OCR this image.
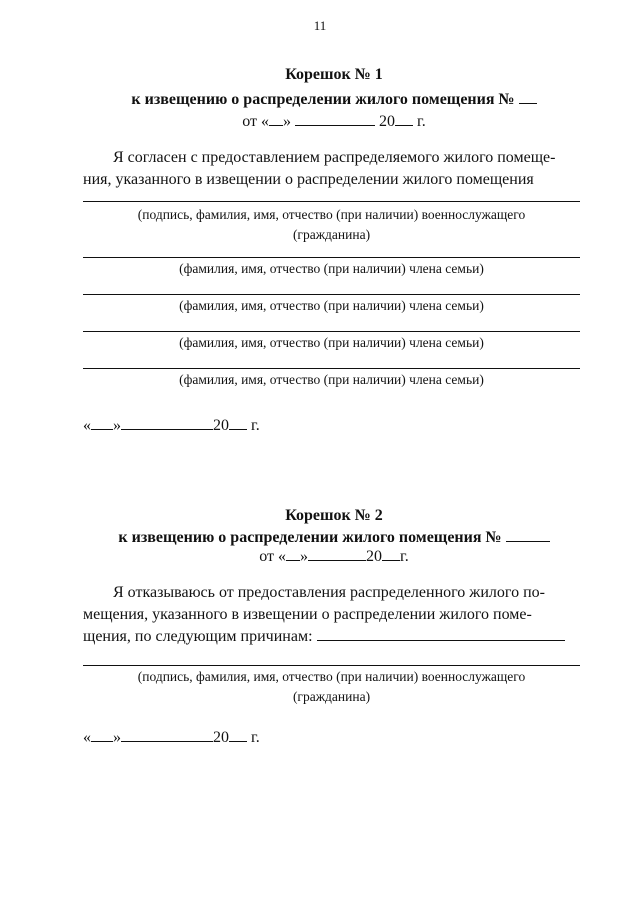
11
Корешок № 1
к извещению о распределении жилого помещения №
от « »	20 г.
Я согласен с предоставлением распределяемого жилого помеще-
ния, указанного в извещении о распределении жилого помещения
(подпись, фамилия, имя, отчество (при наличии) военнослужащего
(гражданина)
(фамилия, имя, отчество (при наличии) члена семьи)
(фамилия, имя, отчество (при наличии) члена семьи)
(фамилия, имя, отчество (при наличии) члена семьи)
(фамилия, имя, отчество (при наличии) члена семьи)
« »	20 г.
Корешок № 2
к извещению о распределении жилого помещения №
от « »	20 г.
Я отказываюсь от предоставления распределенного жилого по-
мещения, указанного в извещении о распределении жилого поме-
щения, по следующим причинам:
(подпись, фамилия, имя, отчество (при наличии) военнослужащего
(гражданина)
« »	20 г.
